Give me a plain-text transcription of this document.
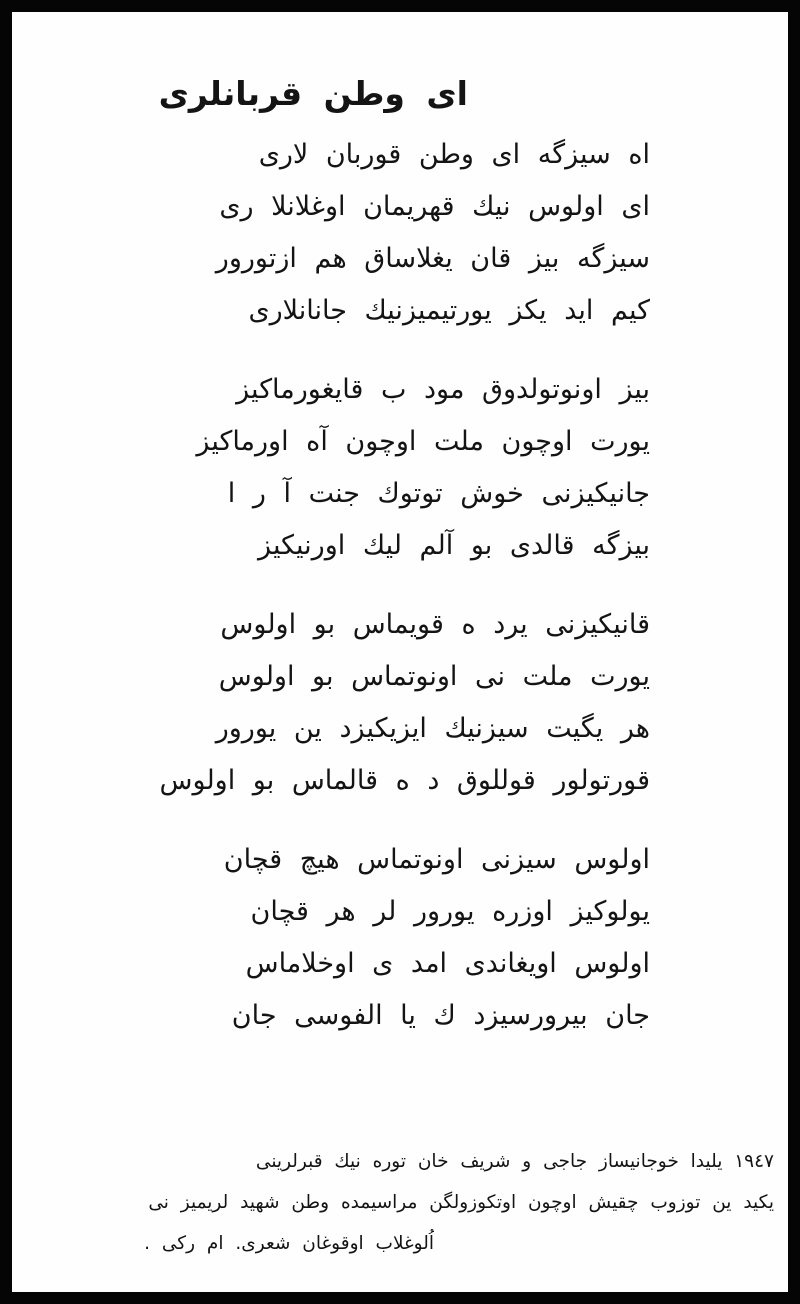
ای وطن قربانلری

اه سیزگه ای وطن قوربان لاری

ای اولوس نیك قهریمان اوغلانلا ری

سیزگه بیز قان یغلاساق هم ازتورور

کیم اید یکز یورتیمیزنیك جانانلاری

بیز اونوتولدوق مود ب قایغورماکیز

یورت اوچون ملت اوچون آه اورماکیز

جانیکیزنی خوش توتوك جنت آ ر ا

بیزگه قالدی بو آلم لیك اورنیکیز

قانیکیزنی یرد ه قویماس بو اولوس

یورت ملت نی اونوتماس بو اولوس

هر یگیت سیزنیك ایزیکیزد ین یورور

قورتولور قوللوق د ه قالماس بو اولوس

اولوس سیزنی اونوتماس هیچ قچان

یولوکیز اوزره یورور لر هر قچان

اولوس اویغاندی امد ی اوخلاماس

جان بیرورسیزد ك یا الفوسی جان

١٩٤٧ یلیدا خوجانیساز جاجی و شریف خان توره نیك قبرلرینی

یکید ین توزوب چقیش اوچون اوتکوزولگن مراسیمده وطن شهید لریمیز نی

اُلوغلاب اوقوغان شعری. ام رکی .
